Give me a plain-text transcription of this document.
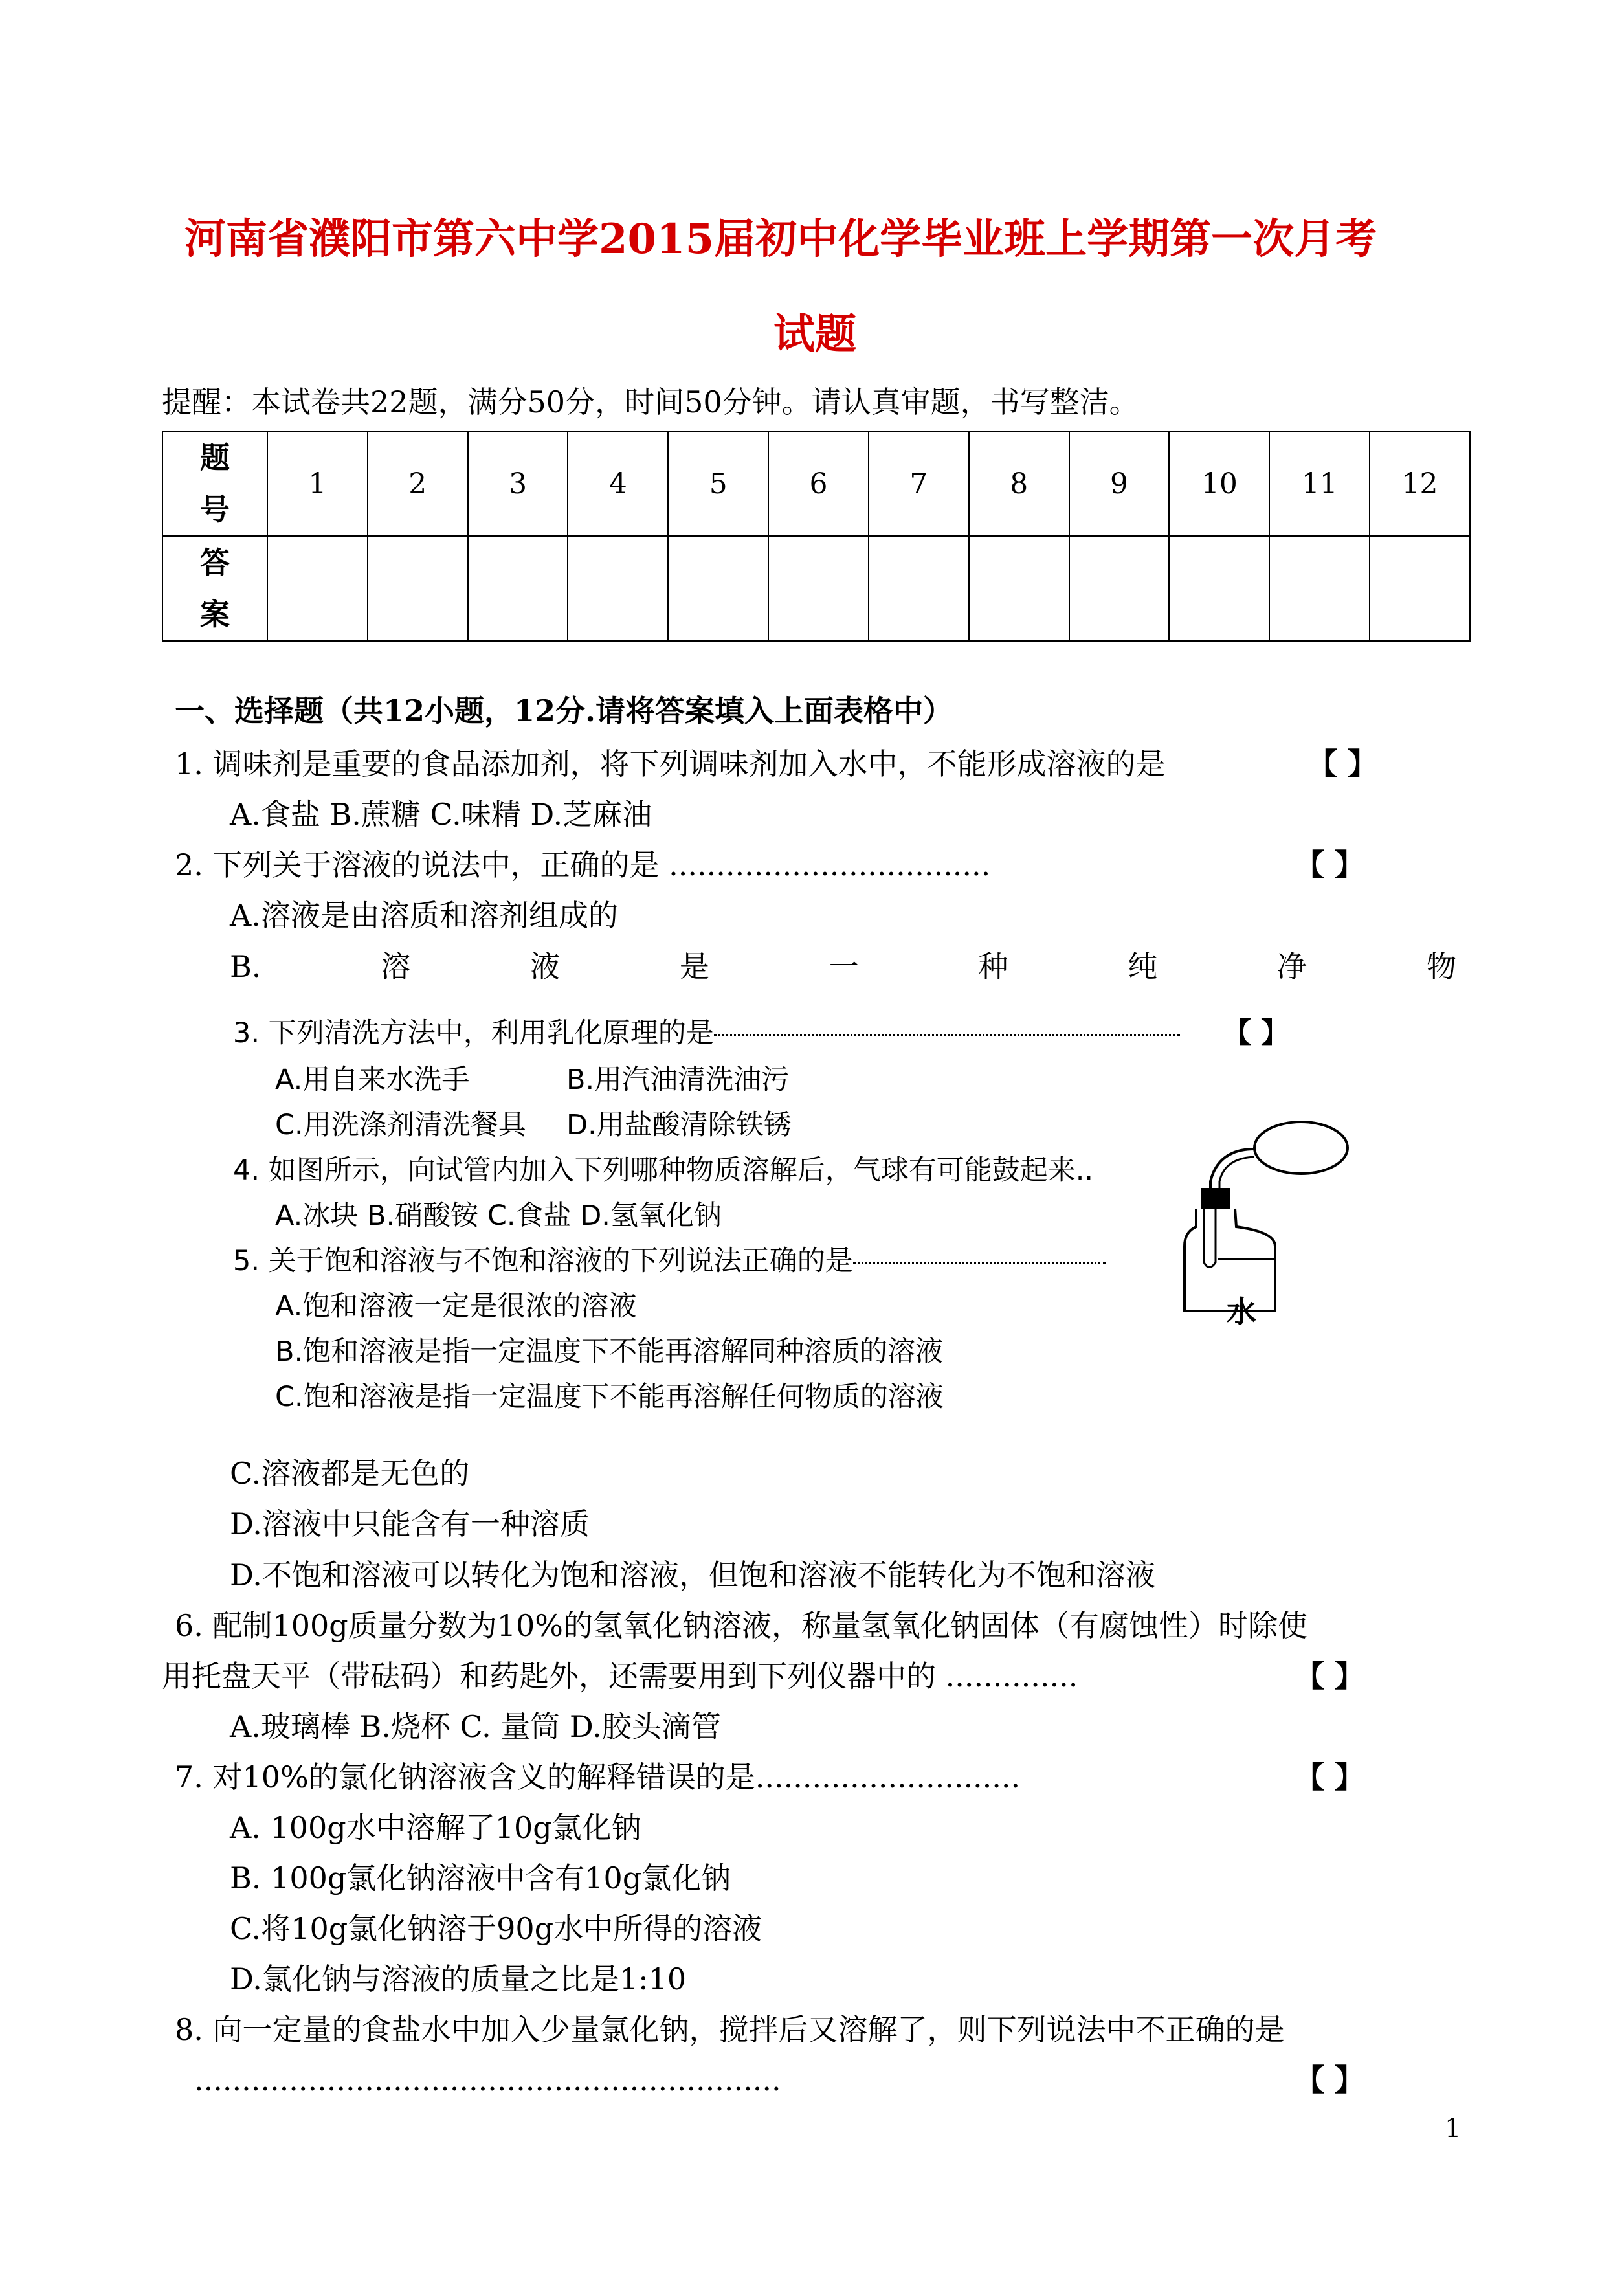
河南省濮阳市第六中学2015届初中化学毕业班上学期第一次月考
试题
提醒：本试卷共22题，满分50分，时间50分钟。请认真审题，书写整洁。
题号	1	2	3	4	5	6	7	8	9	10	11	12
答案												
一、选择题（共12小题，12分.请将答案填入上面表格中）
1. 调味剂是重要的食品添加剂，将下列调味剂加入水中，不能形成溶液的是	【 】
A.食盐 B.蔗糖 C.味精 D.芝麻油
2. 下列关于溶液的说法中，正确的是 ..................................	【 】
A.溶液是由溶质和溶剂组成的
B.	溶	液	是	一	种	纯	净	物
3. 下列清洗方法中，利用乳化原理的是	【 】
A.用自来水洗手	B.用汽油清洗油污
C.用洗涤剂清洗餐具 D.用盐酸清除铁锈
4. 如图所示，向试管内加入下列哪种物质溶解后，气球有可能鼓起来..
A.冰块 B.硝酸铵 C.食盐 D.氢氧化钠
5. 关于饱和溶液与不饱和溶液的下列说法正确的是
A.饱和溶液一定是很浓的溶液
B.饱和溶液是指一定温度下不能再溶解同种溶质的溶液
C.饱和溶液是指一定温度下不能再溶解任何物质的溶液
水
C.溶液都是无色的
D.溶液中只能含有一种溶质
D.不饱和溶液可以转化为饱和溶液，但饱和溶液不能转化为不饱和溶液
6. 配制100g质量分数为10%的氢氧化钠溶液，称量氢氧化钠固体（有腐蚀性）时除使
用托盘天平（带砝码）和药匙外，还需要用到下列仪器中的 ..............	【 】
A.玻璃棒 B.烧杯 C. 量筒 D.胶头滴管
7. 对10%的氯化钠溶液含义的解释错误的是............................	【 】
A. 100g水中溶解了10g氯化钠
B. 100g氯化钠溶液中含有10g氯化钠
C.将10g氯化钠溶于90g水中所得的溶液
D.氯化钠与溶液的质量之比是1:10
8. 向一定量的食盐水中加入少量氯化钠，搅拌后又溶解了，则下列说法中不正确的是
..............................................................	【 】
1
